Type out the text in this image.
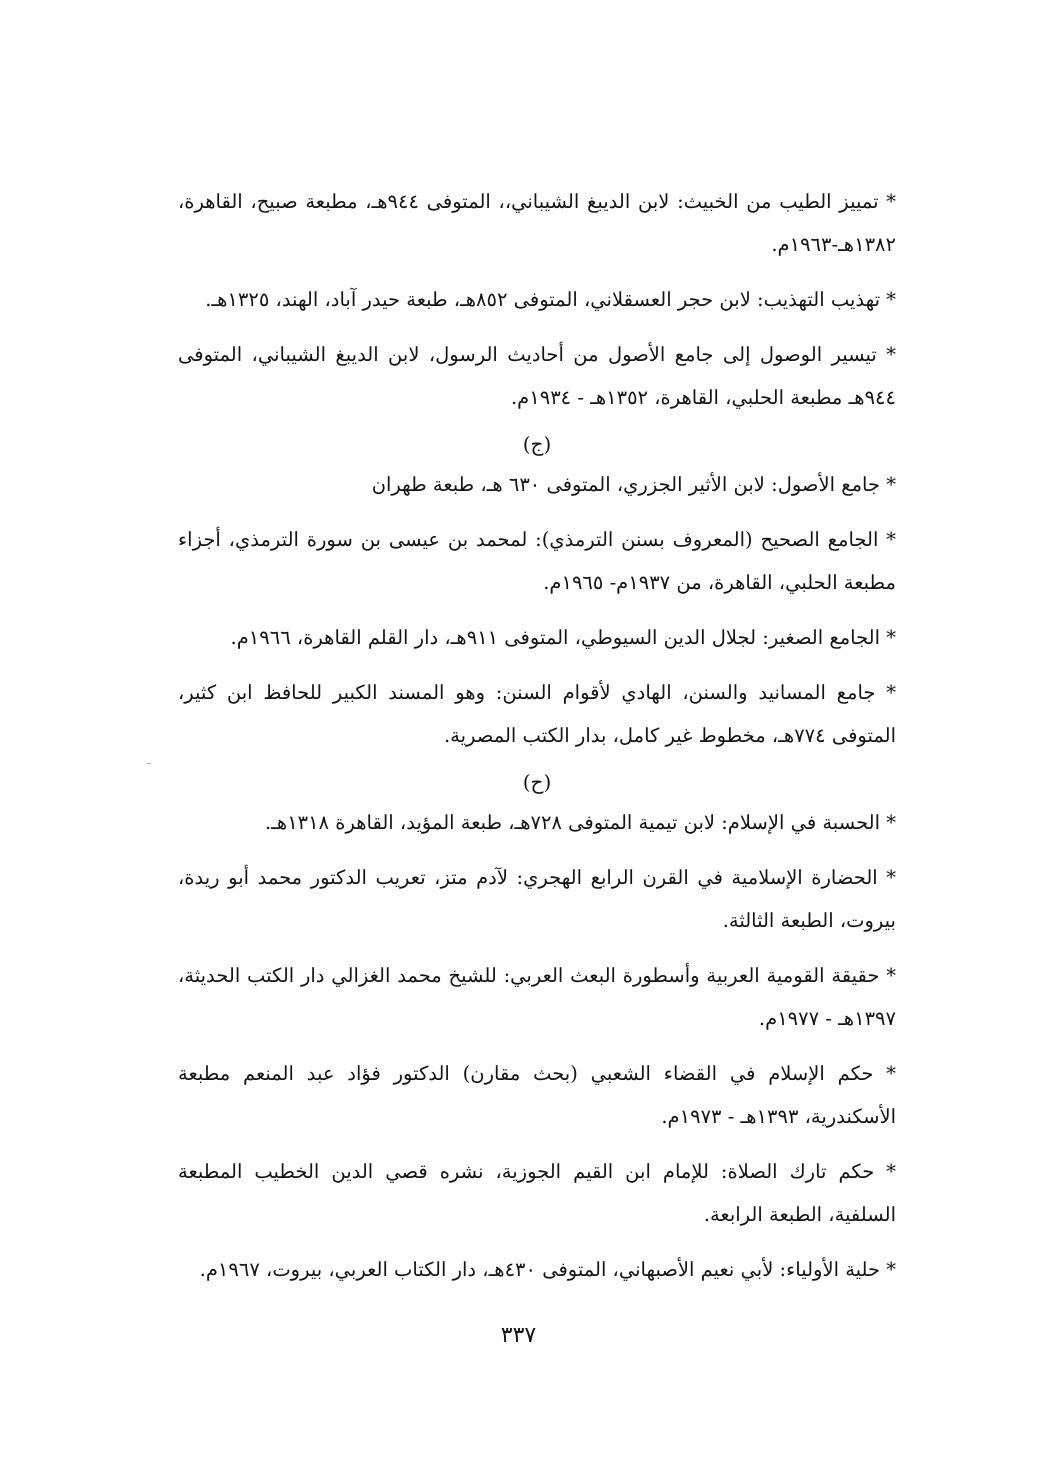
* تمييز الطيب من الخبيث: لابن الديبغ الشيباني،، المتوفى ٩٤٤هـ، مطبعة صبيح، القاهرة، ١٣٨٢هـ-١٩٦٣م.

* تهذيب التهذيب: لابن حجر العسقلاني، المتوفى ٨٥٢هـ، طبعة حيدر آباد، الهند، ١٣٢٥هـ.

* تيسير الوصول إلى جامع الأصول من أحاديث الرسول، لابن الديبغ الشيباني، المتوفى ٩٤٤هـ مطبعة الحلبي، القاهرة، ١٣٥٢هـ - ١٩٣٤م.

(ج)

* جامع الأصول: لابن الأثير الجزري، المتوفى ٦٣٠ هـ، طبعة طهران

* الجامع الصحيح (المعروف بسنن الترمذي): لمحمد بن عيسى بن سورة الترمذي، أجزاء مطبعة الحلبي، القاهرة، من ١٩٣٧م- ١٩٦٥م.

* الجامع الصغير: لجلال الدين السيوطي، المتوفى ٩١١هـ، دار القلم القاهرة، ١٩٦٦م.

* جامع المسانيد والسنن، الهادي لأقوام السنن: وهو المسند الكبير للحافظ ابن كثير، المتوفى ٧٧٤هـ، مخطوط غير كامل، بدار الكتب المصرية.

(ح)

* الحسبة في الإسلام: لابن تيمية المتوفى ٧٢٨هـ، طبعة المؤيد، القاهرة ١٣١٨هـ.

* الحضارة الإسلامية في القرن الرابع الهجري: لآدم متز، تعريب الدكتور محمد أبو ريدة، بيروت، الطبعة الثالثة.

* حقيقة القومية العربية وأسطورة البعث العربي: للشيخ محمد الغزالي دار الكتب الحديثة، ١٣٩٧هـ - ١٩٧٧م.

* حكم الإسلام في القضاء الشعبي (بحث مقارن) الدكتور فؤاد عبد المنعم مطبعة الأسكندرية، ١٣٩٣هـ - ١٩٧٣م.

* حكم تارك الصلاة: للإمام ابن القيم الجوزية، نشره قصي الدين الخطيب المطبعة السلفية، الطبعة الرابعة.

* حلية الأولياء: لأبي نعيم الأصبهاني، المتوفى ٤٣٠هـ، دار الكتاب العربي، بيروت، ١٩٦٧م.

٣٣٧
